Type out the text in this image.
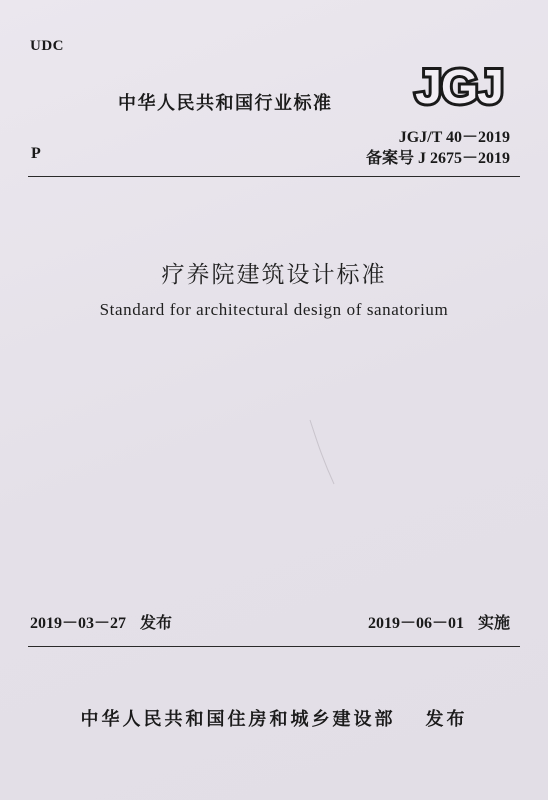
UDC
中华人民共和国行业标准 JGJ
JGJ/T 40－2019
P	备案号 J 2675－2019
疗养院建筑设计标准
Standard for architectural design of sanatorium
2019－03－27 发布	2019－06－01 实施
中华人民共和国住房和城乡建设部 发布
